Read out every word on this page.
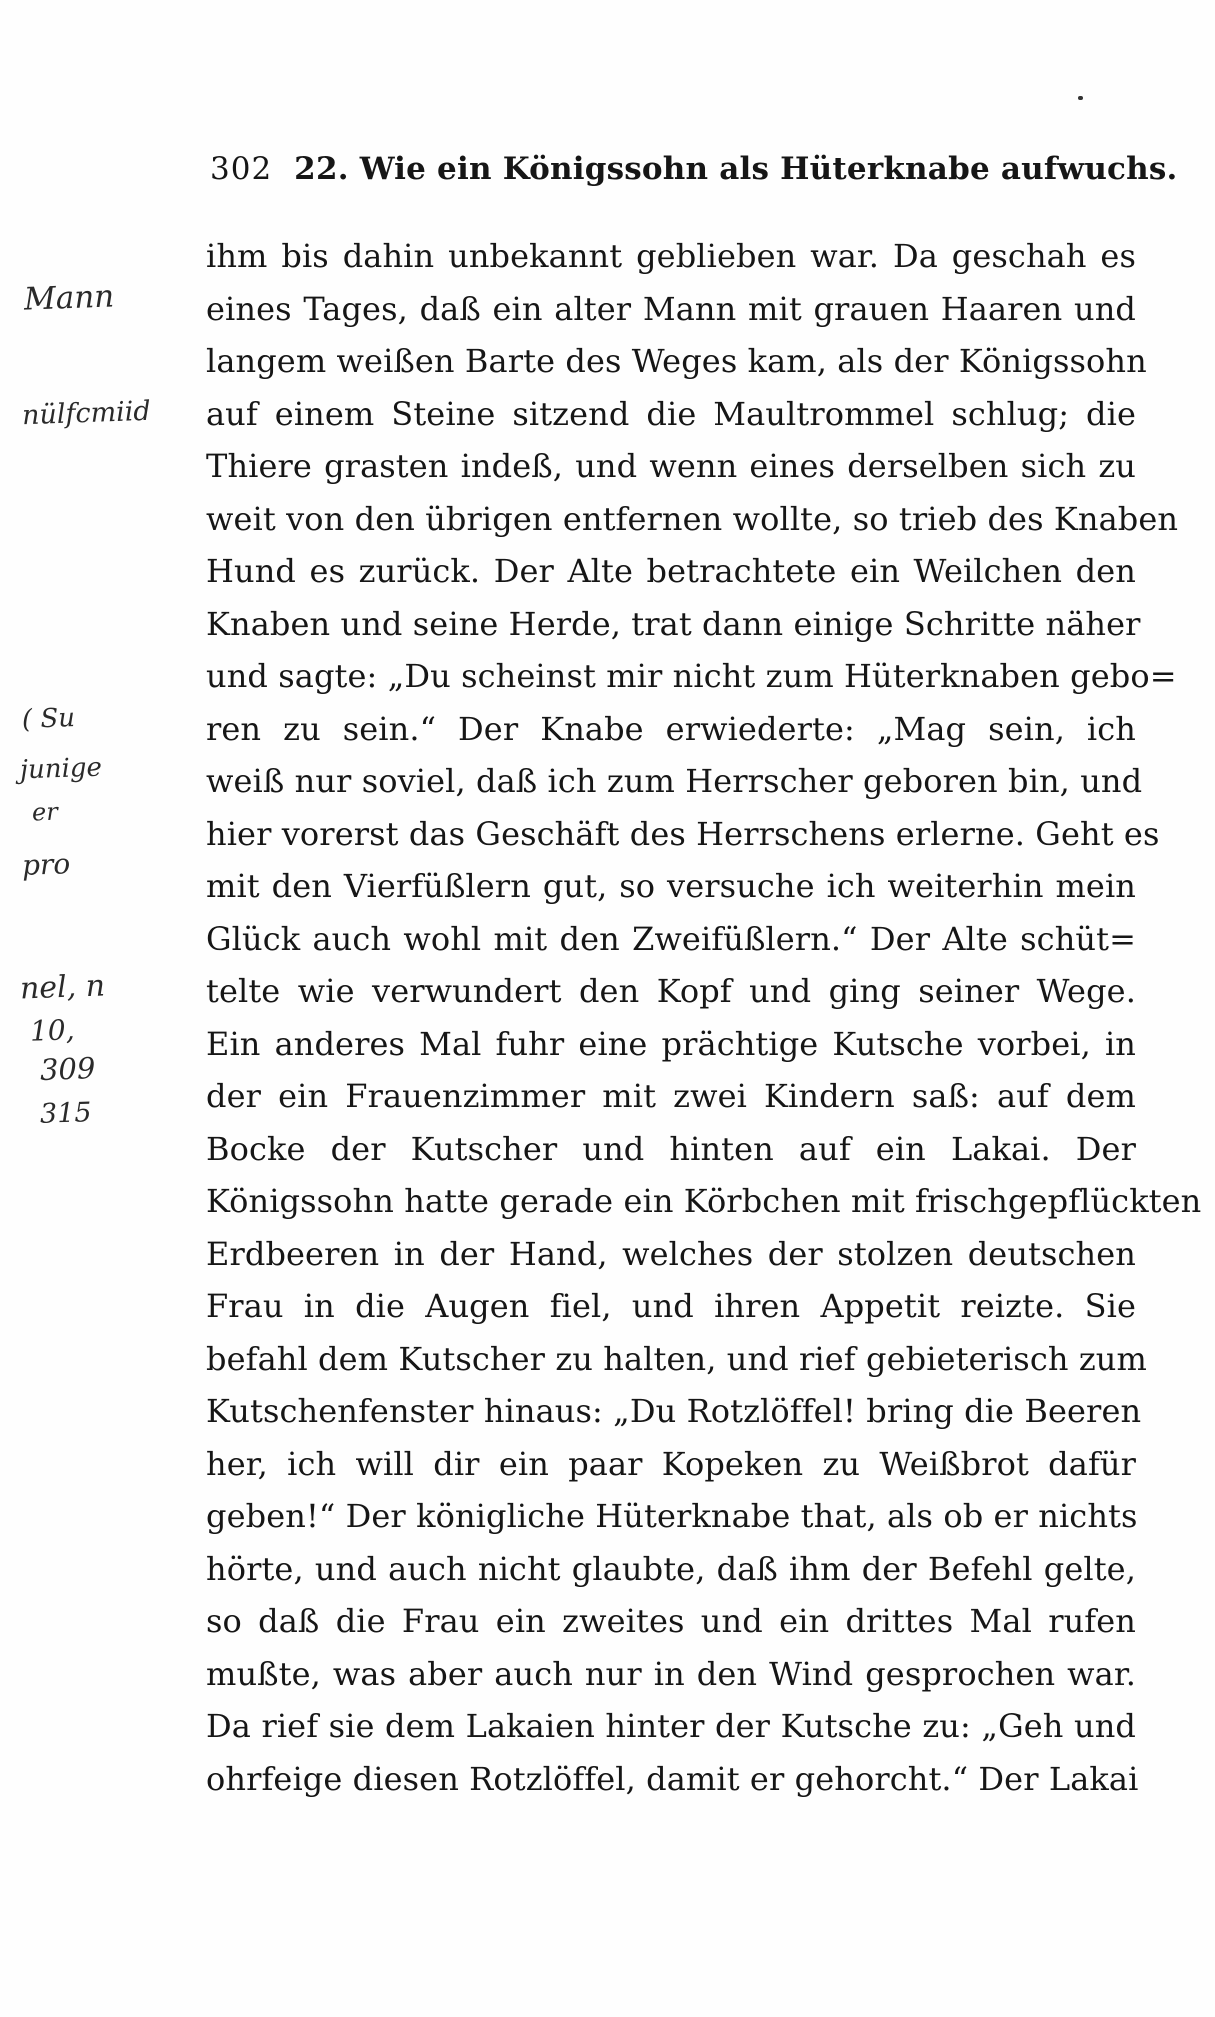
302 22. Wie ein Königssohn als Hüterknabe aufwuchs.
Mann
nülfcmiid
( Su
junige
er
pro
nel, n
10,
309
315
ihm bis dahin unbekannt geblieben war. Da geschah es
eines Tages, daß ein alter Mann mit grauen Haaren und
langem weißen Barte des Weges kam, als der Königssohn
auf einem Steine sitzend die Maultrommel schlug; die
Thiere grasten indeß, und wenn eines derselben sich zu
weit von den übrigen entfernen wollte, so trieb des Knaben
Hund es zurück. Der Alte betrachtete ein Weilchen den
Knaben und seine Herde, trat dann einige Schritte näher
und sagte: „Du scheinst mir nicht zum Hüterknaben gebo=
ren zu sein.“ Der Knabe erwiederte: „Mag sein, ich
weiß nur soviel, daß ich zum Herrscher geboren bin, und
hier vorerst das Geschäft des Herrschens erlerne. Geht es
mit den Vierfüßlern gut, so versuche ich weiterhin mein
Glück auch wohl mit den Zweifüßlern.“ Der Alte schüt=
telte wie verwundert den Kopf und ging seiner Wege.
Ein anderes Mal fuhr eine prächtige Kutsche vorbei, in
der ein Frauenzimmer mit zwei Kindern saß: auf dem
Bocke der Kutscher und hinten auf ein Lakai. Der
Königssohn hatte gerade ein Körbchen mit frischgepflückten
Erdbeeren in der Hand, welches der stolzen deutschen
Frau in die Augen fiel, und ihren Appetit reizte. Sie
befahl dem Kutscher zu halten, und rief gebieterisch zum
Kutschenfenster hinaus: „Du Rotzlöffel! bring die Beeren
her, ich will dir ein paar Kopeken zu Weißbrot dafür
geben!“ Der königliche Hüterknabe that, als ob er nichts
hörte, und auch nicht glaubte, daß ihm der Befehl gelte,
so daß die Frau ein zweites und ein drittes Mal rufen
mußte, was aber auch nur in den Wind gesprochen war.
Da rief sie dem Lakaien hinter der Kutsche zu: „Geh und
ohrfeige diesen Rotzlöffel, damit er gehorcht.“ Der Lakai
